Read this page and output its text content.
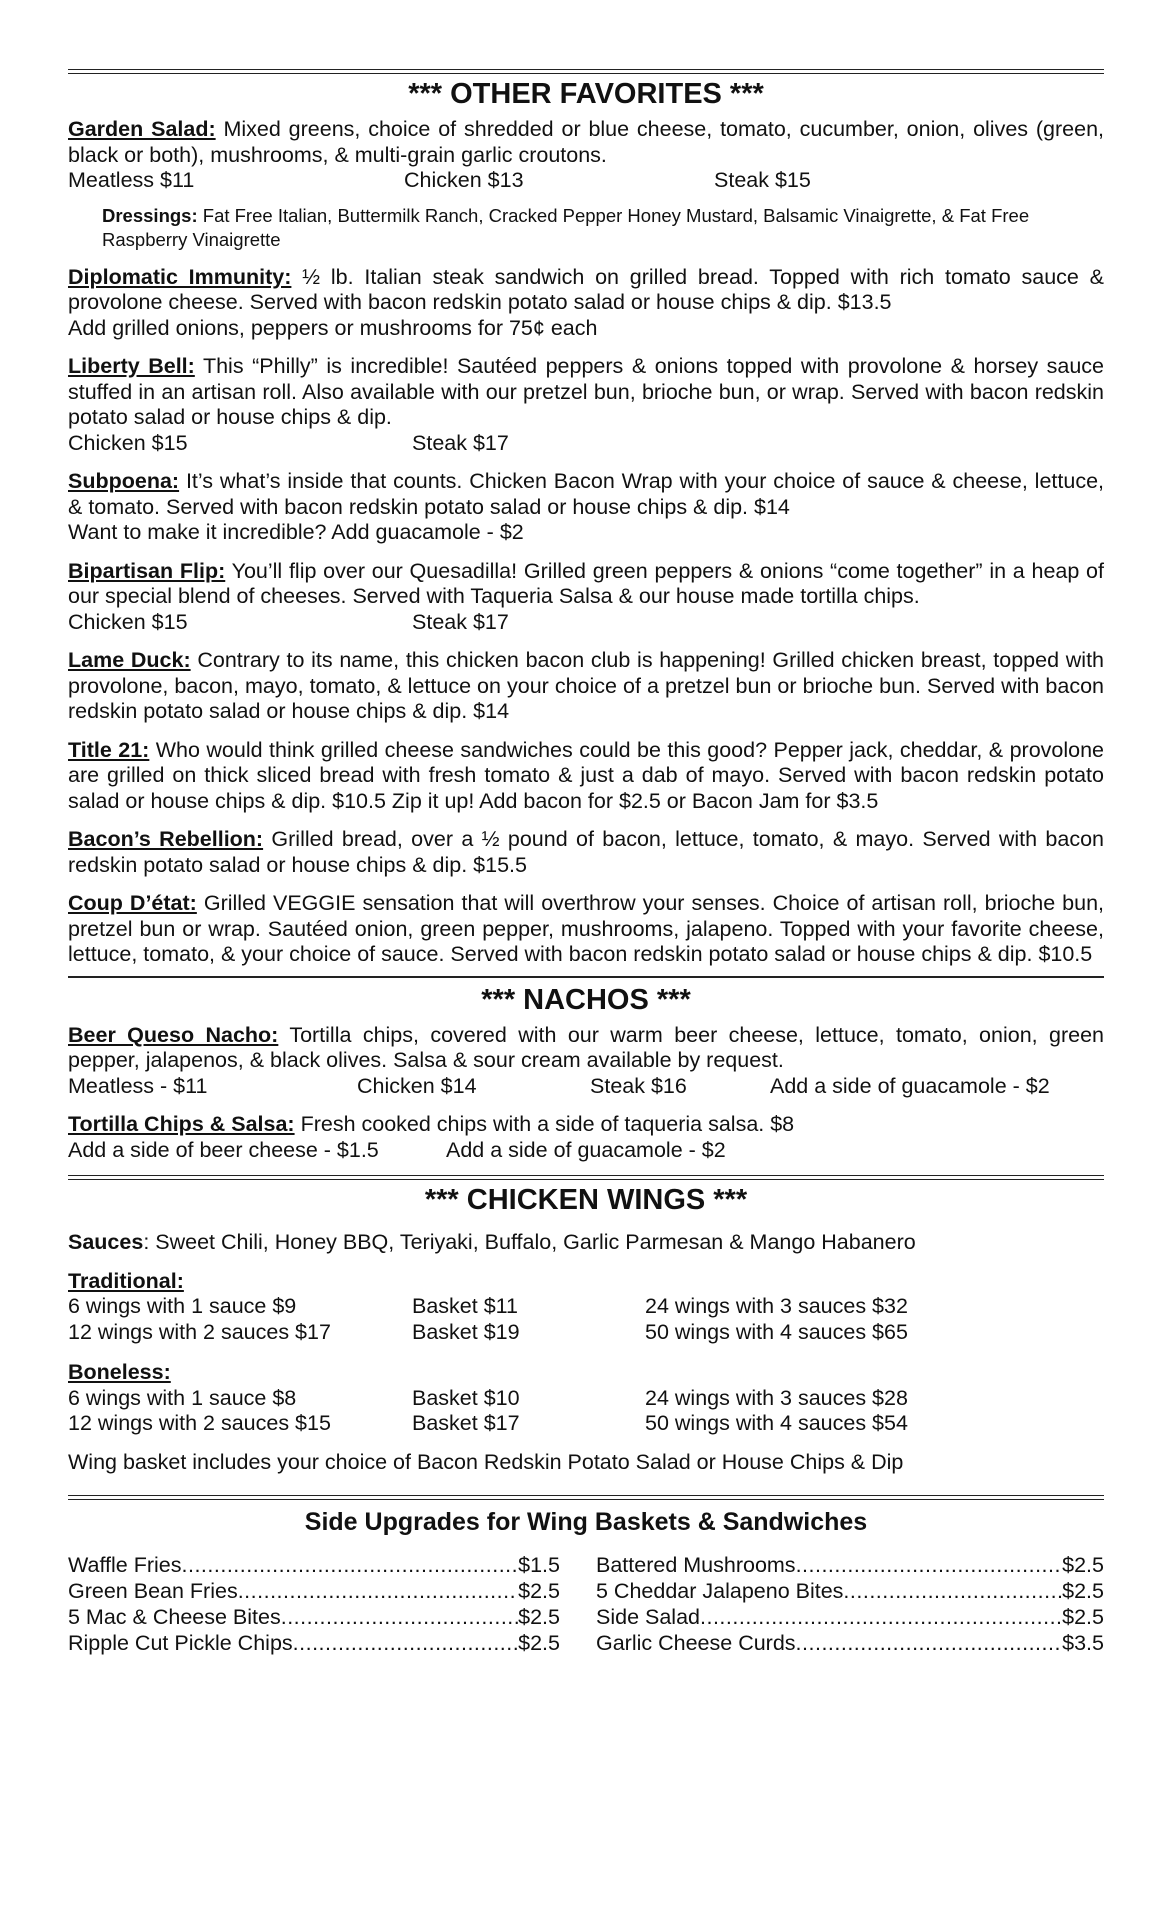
*** OTHER FAVORITES ***
Garden Salad: Mixed greens, choice of shredded or blue cheese, tomato, cucumber, onion, olives (green, black or both), mushrooms, & multi-grain garlic croutons.
Meatless $11	Chicken $13	Steak $15
Dressings: Fat Free Italian, Buttermilk Ranch, Cracked Pepper Honey Mustard, Balsamic Vinaigrette, & Fat Free Raspberry Vinaigrette
Diplomatic Immunity: ½ lb. Italian steak sandwich on grilled bread. Topped with rich tomato sauce & provolone cheese. Served with bacon redskin potato salad or house chips & dip. $13.5
Add grilled onions, peppers or mushrooms for 75¢ each
Liberty Bell: This “Philly” is incredible! Sautéed peppers & onions topped with provolone & horsey sauce stuffed in an artisan roll. Also available with our pretzel bun, brioche bun, or wrap. Served with bacon redskin potato salad or house chips & dip.
Chicken $15	Steak $17
Subpoena: It’s what’s inside that counts. Chicken Bacon Wrap with your choice of sauce & cheese, lettuce, & tomato. Served with bacon redskin potato salad or house chips & dip. $14
Want to make it incredible? Add guacamole - $2
Bipartisan Flip: You’ll flip over our Quesadilla! Grilled green peppers & onions “come together” in a heap of our special blend of cheeses. Served with Taqueria Salsa & our house made tortilla chips.
Chicken $15	Steak $17
Lame Duck: Contrary to its name, this chicken bacon club is happening! Grilled chicken breast, topped with provolone, bacon, mayo, tomato, & lettuce on your choice of a pretzel bun or brioche bun. Served with bacon redskin potato salad or house chips & dip. $14
Title 21: Who would think grilled cheese sandwiches could be this good? Pepper jack, cheddar, & provolone are grilled on thick sliced bread with fresh tomato & just a dab of mayo. Served with bacon redskin potato salad or house chips & dip. $10.5 Zip it up! Add bacon for $2.5 or Bacon Jam for $3.5
Bacon’s Rebellion: Grilled bread, over a ½ pound of bacon, lettuce, tomato, & mayo. Served with bacon redskin potato salad or house chips & dip. $15.5
Coup D’état: Grilled VEGGIE sensation that will overthrow your senses. Choice of artisan roll, brioche bun, pretzel bun or wrap. Sautéed onion, green pepper, mushrooms, jalapeno. Topped with your favorite cheese, lettuce, tomato, & your choice of sauce. Served with bacon redskin potato salad or house chips & dip. $10.5
*** NACHOS ***
Beer Queso Nacho: Tortilla chips, covered with our warm beer cheese, lettuce, tomato, onion, green pepper, jalapenos, & black olives. Salsa & sour cream available by request.
Meatless - $11	Chicken $14	Steak $16	Add a side of guacamole - $2
Tortilla Chips & Salsa: Fresh cooked chips with a side of taqueria salsa. $8
Add a side of beer cheese - $1.5	Add a side of guacamole - $2
*** CHICKEN WINGS ***
Sauces: Sweet Chili, Honey BBQ, Teriyaki, Buffalo, Garlic Parmesan & Mango Habanero
Traditional:
6 wings with 1 sauce $9	Basket $11	24 wings with 3 sauces $32
12 wings with 2 sauces $17	Basket $19	50 wings with 4 sauces $65
Boneless:
6 wings with 1 sauce $8	Basket $10	24 wings with 3 sauces $28
12 wings with 2 sauces $15	Basket $17	50 wings with 4 sauces $54
Wing basket includes your choice of Bacon Redskin Potato Salad or House Chips & Dip
Side Upgrades for Wing Baskets & Sandwiches
Waffle Fries .....	$1.5
Green Bean Fries .....	$2.5
5 Mac & Cheese Bites .....	$2.5
Ripple Cut Pickle Chips .....	$2.5
Battered Mushrooms .....	$2.5
5 Cheddar Jalapeno Bites .....	$2.5
Side Salad .....	$2.5
Garlic Cheese Curds .....	$3.5
